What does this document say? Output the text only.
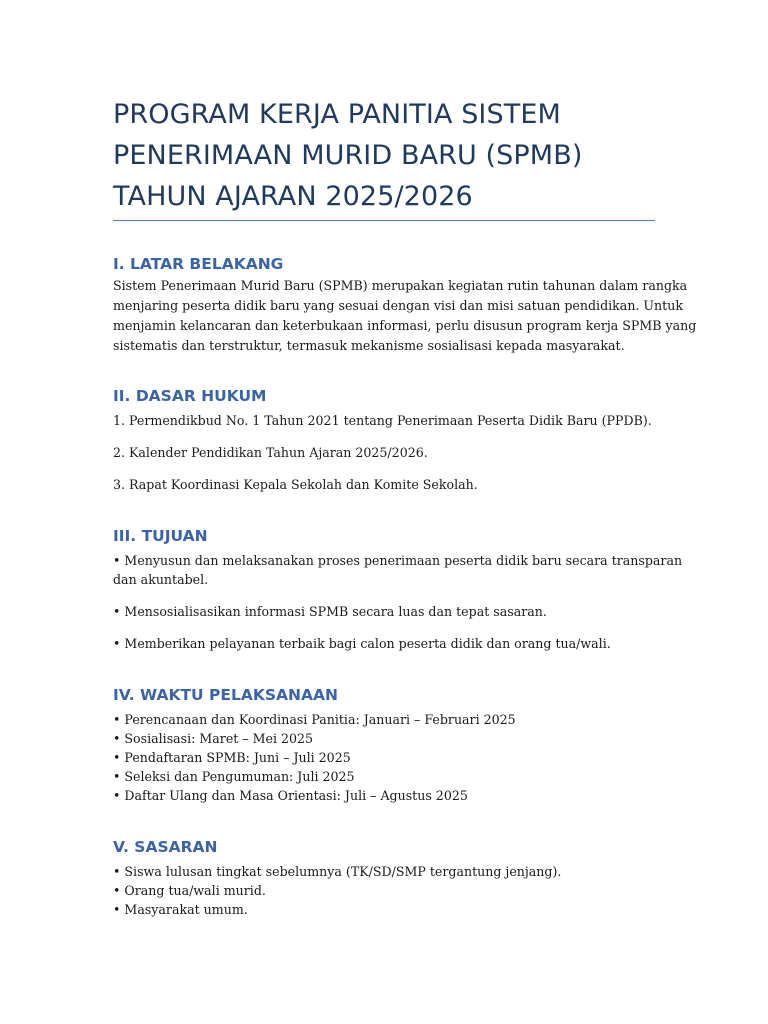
PROGRAM KERJA PANITIA SISTEM
PENERIMAAN MURID BARU (SPMB)
TAHUN AJARAN 2025/2026
I. LATAR BELAKANG
Sistem Penerimaan Murid Baru (SPMB) merupakan kegiatan rutin tahunan dalam rangka
menjaring peserta didik baru yang sesuai dengan visi dan misi satuan pendidikan. Untuk
menjamin kelancaran dan keterbukaan informasi, perlu disusun program kerja SPMB yang
sistematis dan terstruktur, termasuk mekanisme sosialisasi kepada masyarakat.
II. DASAR HUKUM
1. Permendikbud No. 1 Tahun 2021 tentang Penerimaan Peserta Didik Baru (PPDB).
2. Kalender Pendidikan Tahun Ajaran 2025/2026.
3. Rapat Koordinasi Kepala Sekolah dan Komite Sekolah.
III. TUJUAN
• Menyusun dan melaksanakan proses penerimaan peserta didik baru secara transparan
dan akuntabel.
• Mensosialisasikan informasi SPMB secara luas dan tepat sasaran.
• Memberikan pelayanan terbaik bagi calon peserta didik dan orang tua/wali.
IV. WAKTU PELAKSANAAN
• Perencanaan dan Koordinasi Panitia: Januari – Februari 2025
• Sosialisasi: Maret – Mei 2025
• Pendaftaran SPMB: Juni – Juli 2025
• Seleksi dan Pengumuman: Juli 2025
• Daftar Ulang dan Masa Orientasi: Juli – Agustus 2025
V. SASARAN
• Siswa lulusan tingkat sebelumnya (TK/SD/SMP tergantung jenjang).
• Orang tua/wali murid.
• Masyarakat umum.
